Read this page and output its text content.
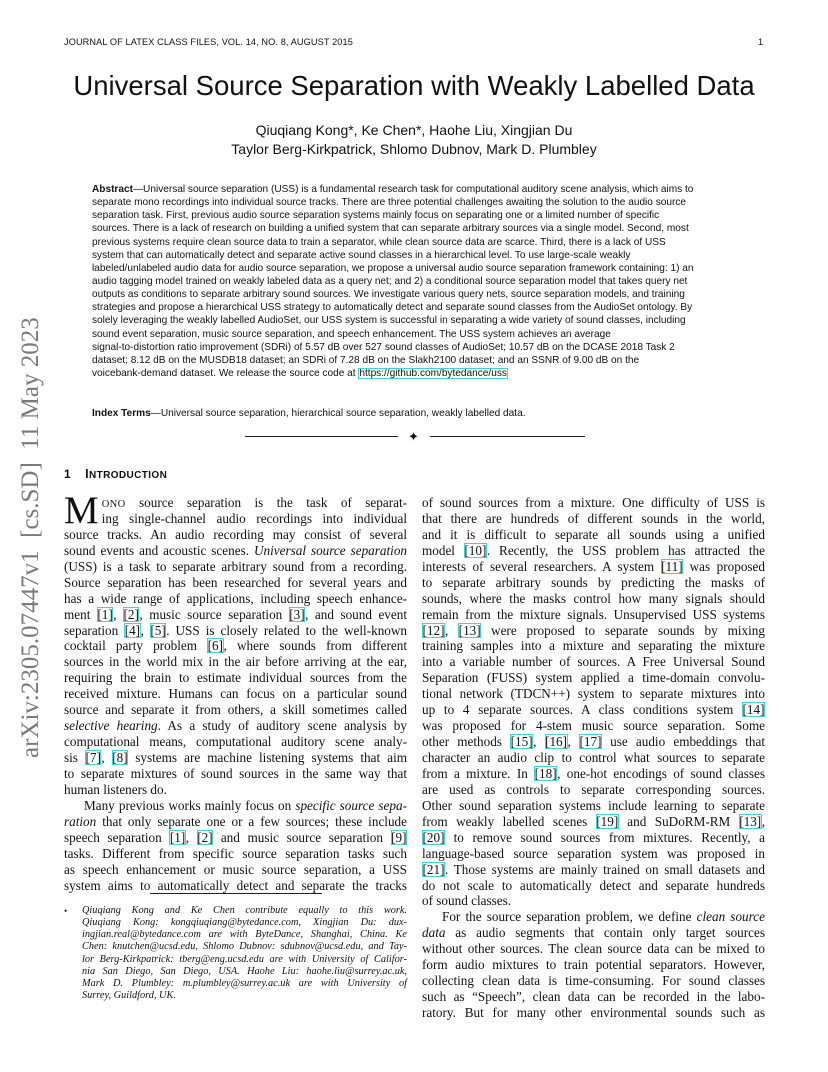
JOURNAL OF LATEX CLASS FILES, VOL. 14, NO. 8, AUGUST 2015	1
Universal Source Separation with Weakly Labelled Data
Qiuqiang Kong*, Ke Chen*, Haohe Liu, Xingjian Du
Taylor Berg-Kirkpatrick, Shlomo Dubnov, Mark D. Plumbley
Abstract—Universal source separation (USS) is a fundamental research task for computational auditory scene analysis, which aims to
separate mono recordings into individual source tracks. There are three potential challenges awaiting the solution to the audio source
separation task. First, previous audio source separation systems mainly focus on separating one or a limited number of specific
sources. There is a lack of research on building a unified system that can separate arbitrary sources via a single model. Second, most
previous systems require clean source data to train a separator, while clean source data are scarce. Third, there is a lack of USS
system that can automatically detect and separate active sound classes in a hierarchical level. To use large-scale weakly
labeled/unlabeled audio data for audio source separation, we propose a universal audio source separation framework containing: 1) an
audio tagging model trained on weakly labeled data as a query net; and 2) a conditional source separation model that takes query net
outputs as conditions to separate arbitrary sound sources. We investigate various query nets, source separation models, and training
strategies and propose a hierarchical USS strategy to automatically detect and separate sound classes from the AudioSet ontology. By
solely leveraging the weakly labelled AudioSet, our USS system is successful in separating a wide variety of sound classes, including
sound event separation, music source separation, and speech enhancement. The USS system achieves an average
signal-to-distortion ratio improvement (SDRi) of 5.57 dB over 527 sound classes of AudioSet; 10.57 dB on the DCASE 2018 Task 2
dataset; 8.12 dB on the MUSDB18 dataset; an SDRi of 7.28 dB on the Slakh2100 dataset; and an SSNR of 9.00 dB on the
voicebank-demand dataset. We release the source code at https://github.com/bytedance/uss
Index Terms—Universal source separation, hierarchical source separation, weakly labelled data.
✦
1 INTRODUCTION
M ONO source separation is the task of separat-
ing single-channel audio recordings into individual
source tracks. An audio recording may consist of several
sound events and acoustic scenes. Universal source separation
(USS) is a task to separate arbitrary sound from a recording.
Source separation has been researched for several years and
has a wide range of applications, including speech enhance-
ment [1], [2], music source separation [3], and sound event
separation [4], [5]. USS is closely related to the well-known
cocktail party problem [6], where sounds from different
sources in the world mix in the air before arriving at the ear,
requiring the brain to estimate individual sources from the
received mixture. Humans can focus on a particular sound
source and separate it from others, a skill sometimes called
selective hearing. As a study of auditory scene analysis by
computational means, computational auditory scene analy-
sis [7], [8] systems are machine listening systems that aim
to separate mixtures of sound sources in the same way that
human listeners do.
Many previous works mainly focus on specific source sepa-
ration that only separate one or a few sources; these include
speech separation [1], [2] and music source separation [9]
tasks. Different from specific source separation tasks such
as speech enhancement or music source separation, a USS
system aims to automatically detect and separate the tracks
of sound sources from a mixture. One difficulty of USS is
that there are hundreds of different sounds in the world,
and it is difficult to separate all sounds using a unified
model [10]. Recently, the USS problem has attracted the
interests of several researchers. A system [11] was proposed
to separate arbitrary sounds by predicting the masks of
sounds, where the masks control how many signals should
remain from the mixture signals. Unsupervised USS systems
[12], [13] were proposed to separate sounds by mixing
training samples into a mixture and separating the mixture
into a variable number of sources. A Free Universal Sound
Separation (FUSS) system applied a time-domain convolu-
tional network (TDCN++) system to separate mixtures into
up to 4 separate sources. A class conditions system [14]
was proposed for 4-stem music source separation. Some
other methods [15], [16], [17] use audio embeddings that
character an audio clip to control what sources to separate
from a mixture. In [18], one-hot encodings of sound classes
are used as controls to separate corresponding sources.
Other sound separation systems include learning to separate
from weakly labelled scenes [19] and SuDoRM-RM [13],
[20] to remove sound sources from mixtures. Recently, a
language-based source separation system was proposed in
[21]. Those systems are mainly trained on small datasets and
do not scale to automatically detect and separate hundreds
of sound classes.
For the source separation problem, we define clean source
data as audio segments that contain only target sources
without other sources. The clean source data can be mixed to
form audio mixtures to train potential separators. However,
collecting clean data is time-consuming. For sound classes
such as “Speech”, clean data can be recorded in the labo-
ratory. But for many other environmental sounds such as
• Qiuqiang Kong and Ke Chen contribute equally to this work.
Qiuqiang Kong: kongqiuqiang@bytedance.com, Xingjian Du: dux-
ingjian.real@bytedance.com are with ByteDance, Shanghai, China. Ke
Chen: knutchen@ucsd.edu, Shlomo Dubnov: sdubnov@ucsd.edu, and Tay-
lor Berg-Kirkpatrick: tberg@eng.ucsd.edu are with University of Califor-
nia San Diego, San Diego, USA. Haohe Liu: haohe.liu@surrey.ac.uk,
Mark D. Plumbley: m.plumbley@surrey.ac.uk are with University of
Surrey, Guildford, UK.
arXiv:2305.07447v1  [cs.SD]  11 May 2023
